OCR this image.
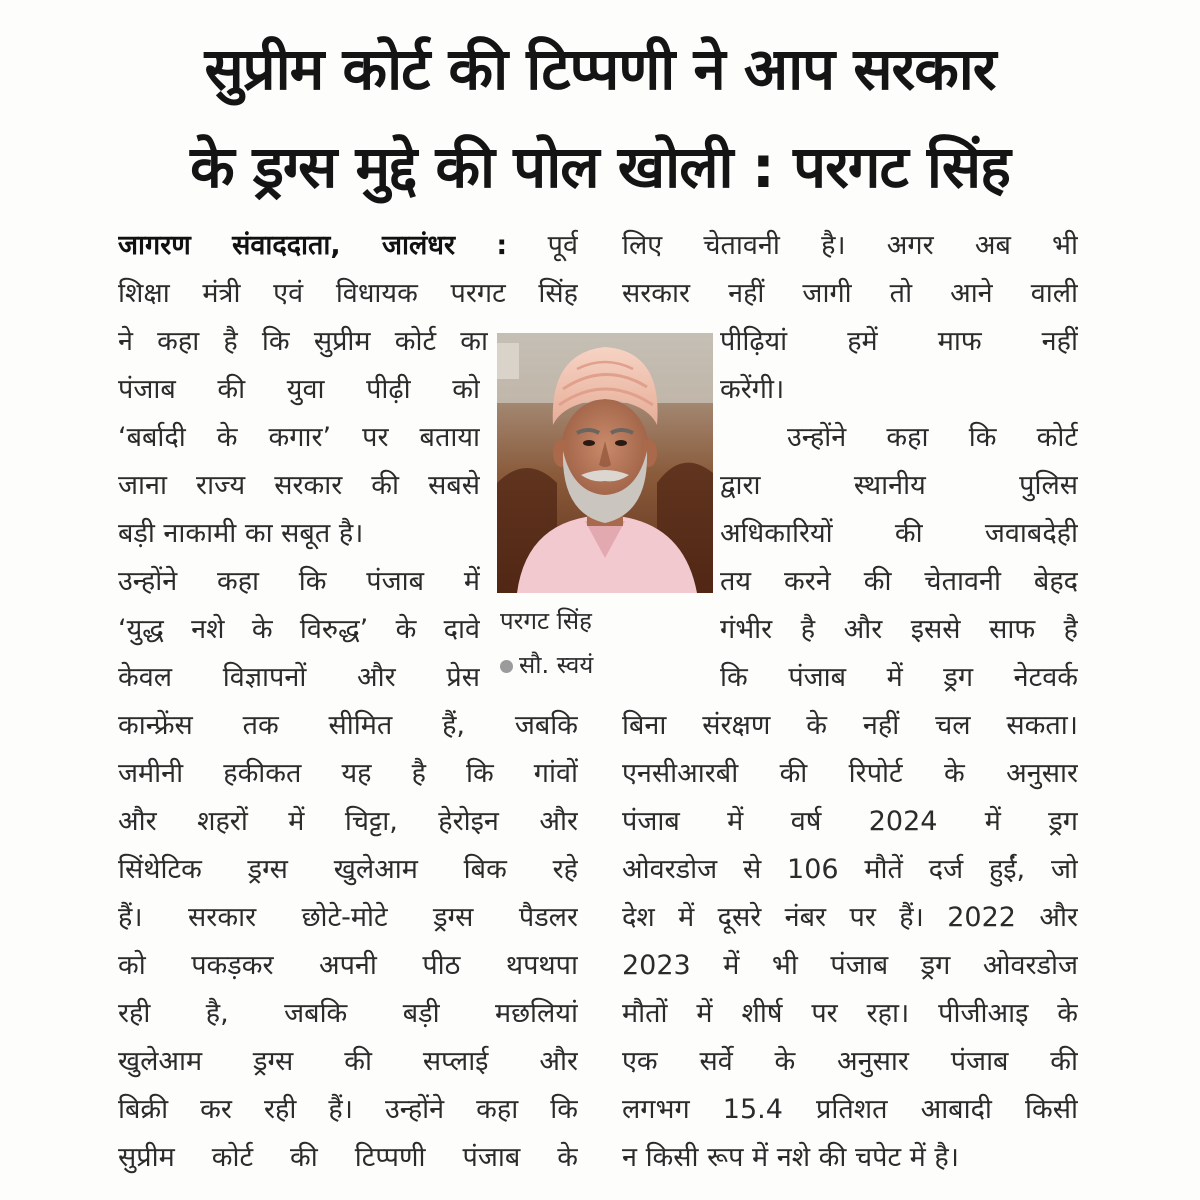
सुप्रीम कोर्ट की टिप्पणी ने आप सरकार
के ड्रग्स मुद्दे की पोल खोली : परगट सिंह
जागरण संवाददाता, जालंधर : पूर्व
शिक्षा मंत्री एवं विधायक परगट सिंह
ने कहा है कि सुप्रीम कोर्ट का
पंजाब की युवा पीढ़ी को
‘बर्बादी के कगार’ पर बताया
जाना राज्य सरकार की सबसे
बड़ी नाकामी का सबूत है।
उन्होंने कहा कि पंजाब में
‘युद्ध नशे के विरुद्ध’ के दावे
केवल विज्ञापनों और प्रेस
कान्फ्रेंस तक सीमित हैं, जबकि
जमीनी हकीकत यह है कि गांवों
और शहरों में चिट्टा, हेरोइन और
सिंथेटिक ड्रग्स खुलेआम बिक रहे
हैं। सरकार छोटे-मोटे ड्रग्स पैडलर
को पकड़कर अपनी पीठ थपथपा
रही है, जबकि बड़ी मछलियां
खुलेआम ड्रग्स की सप्लाई और
बिक्री कर रही हैं। उन्होंने कहा कि
सुप्रीम कोर्ट की टिप्पणी पंजाब के
लिए चेतावनी है। अगर अब भी
सरकार नहीं जागी तो आने वाली
पीढ़ियां हमें माफ नहीं
करेंगी।
उन्होंने कहा कि कोर्ट
द्वारा स्थानीय पुलिस
अधिकारियों की जवाबदेही
तय करने की चेतावनी बेहद
गंभीर है और इससे साफ है
कि पंजाब में ड्रग नेटवर्क
बिना संरक्षण के नहीं चल सकता।
एनसीआरबी की रिपोर्ट के अनुसार
पंजाब में वर्ष 2024 में ड्रग
ओवरडोज से 106 मौतें दर्ज हुईं, जो
देश में दूसरे नंबर पर हैं। 2022 और
2023 में भी पंजाब ड्रग ओवरडोज
मौतों में शीर्ष पर रहा। पीजीआइ के
एक सर्वे के अनुसार पंजाब की
लगभग 15.4 प्रतिशत आबादी किसी
न किसी रूप में नशे की चपेट में है।
परगट सिंह
सौ. स्वयं
